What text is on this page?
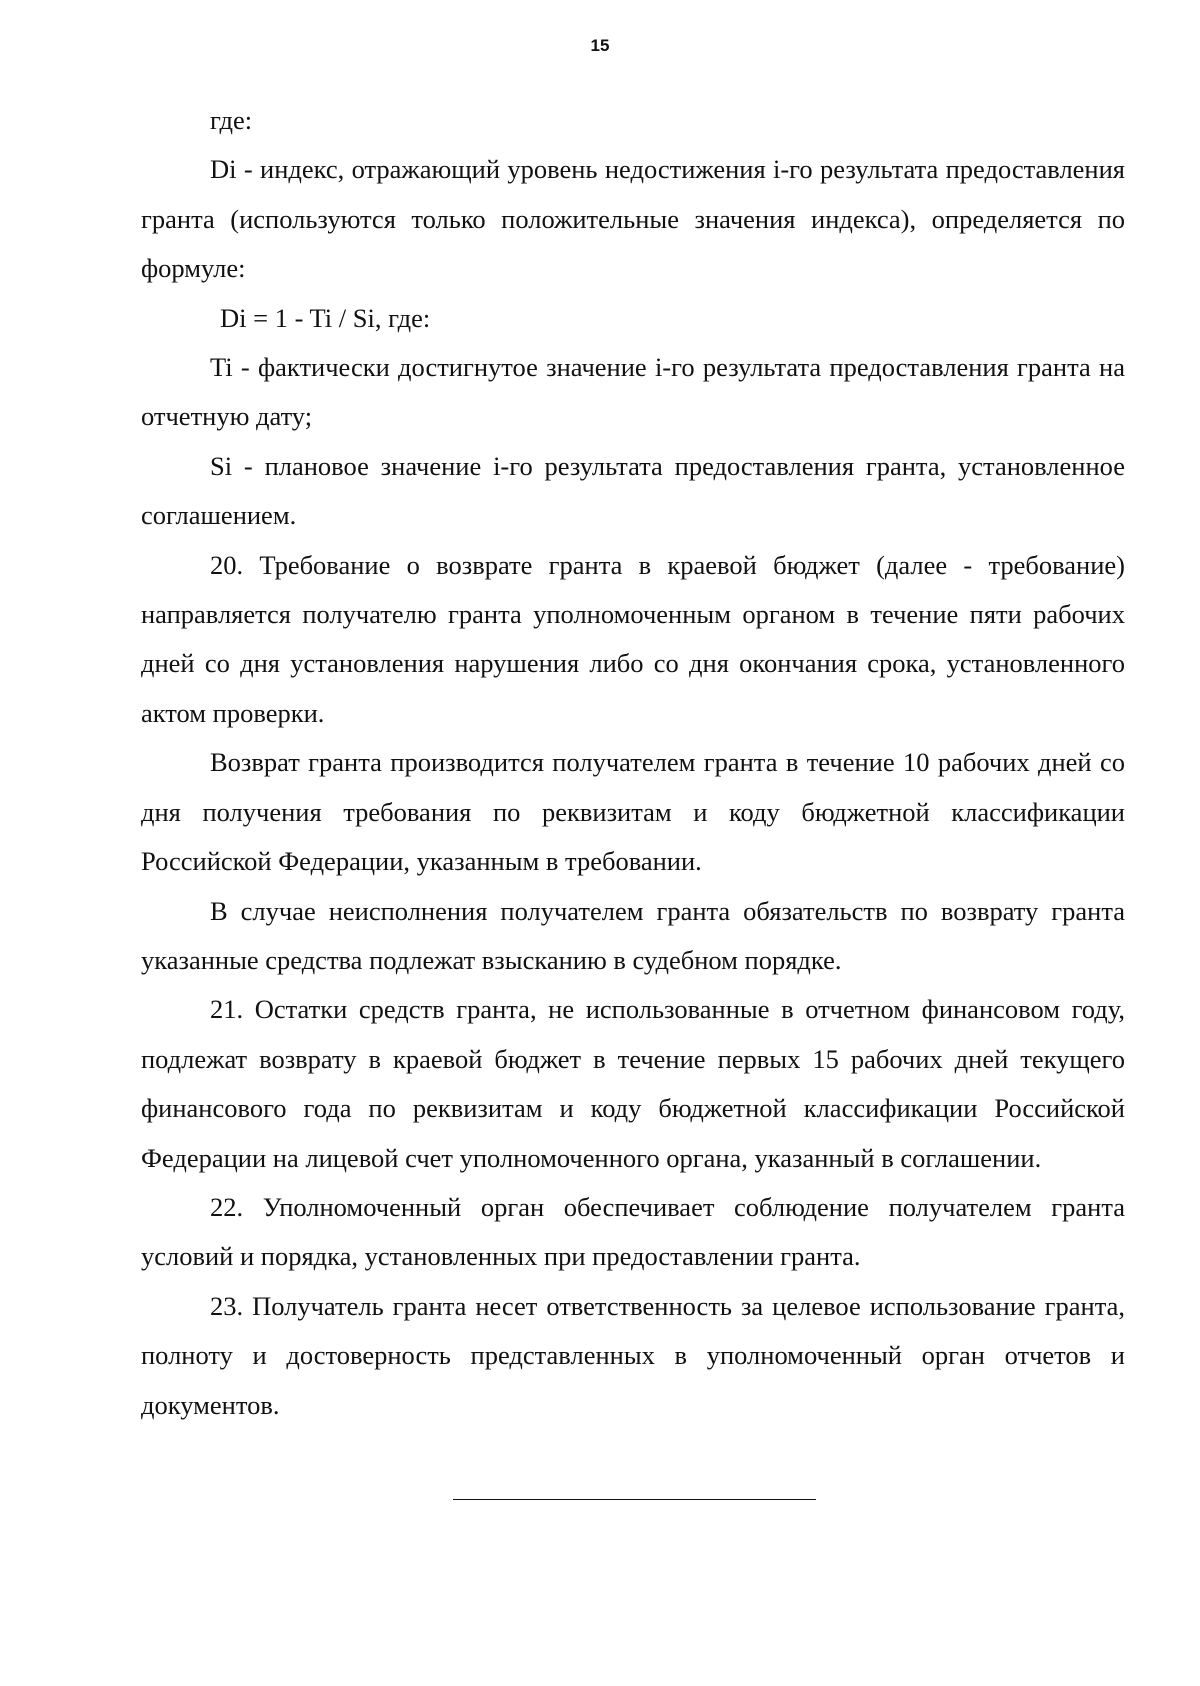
15

где:

Di - индекс, отражающий уровень недостижения i-го результата предоставления гранта (используются только положительные значения индекса), определяется по формуле:

Di = 1 - Ti / Si, где:

Ti - фактически достигнутое значение i-го результата предоставления гранта на отчетную дату;

Si - плановое значение i-го результата предоставления гранта, установленное соглашением.

20. Требование о возврате гранта в краевой бюджет (далее - требование) направляется получателю гранта уполномоченным органом в течение пяти рабочих дней со дня установления нарушения либо со дня окончания срока, установленного актом проверки.

Возврат гранта производится получателем гранта в течение 10 рабочих дней со дня получения требования по реквизитам и коду бюджетной классификации Российской Федерации, указанным в требовании.

В случае неисполнения получателем гранта обязательств по возврату гранта указанные средства подлежат взысканию в судебном порядке.

21. Остатки средств гранта, не использованные в отчетном финансовом году, подлежат возврату в краевой бюджет в течение первых 15 рабочих дней текущего финансового года по реквизитам и коду бюджетной классификации Российской Федерации на лицевой счет уполномоченного органа, указанный в соглашении.

22. Уполномоченный орган обеспечивает соблюдение получателем гранта условий и порядка, установленных при предоставлении гранта.

23. Получатель гранта несет ответственность за целевое использование гранта, полноту и достоверность представленных в уполномоченный орган отчетов и документов.
